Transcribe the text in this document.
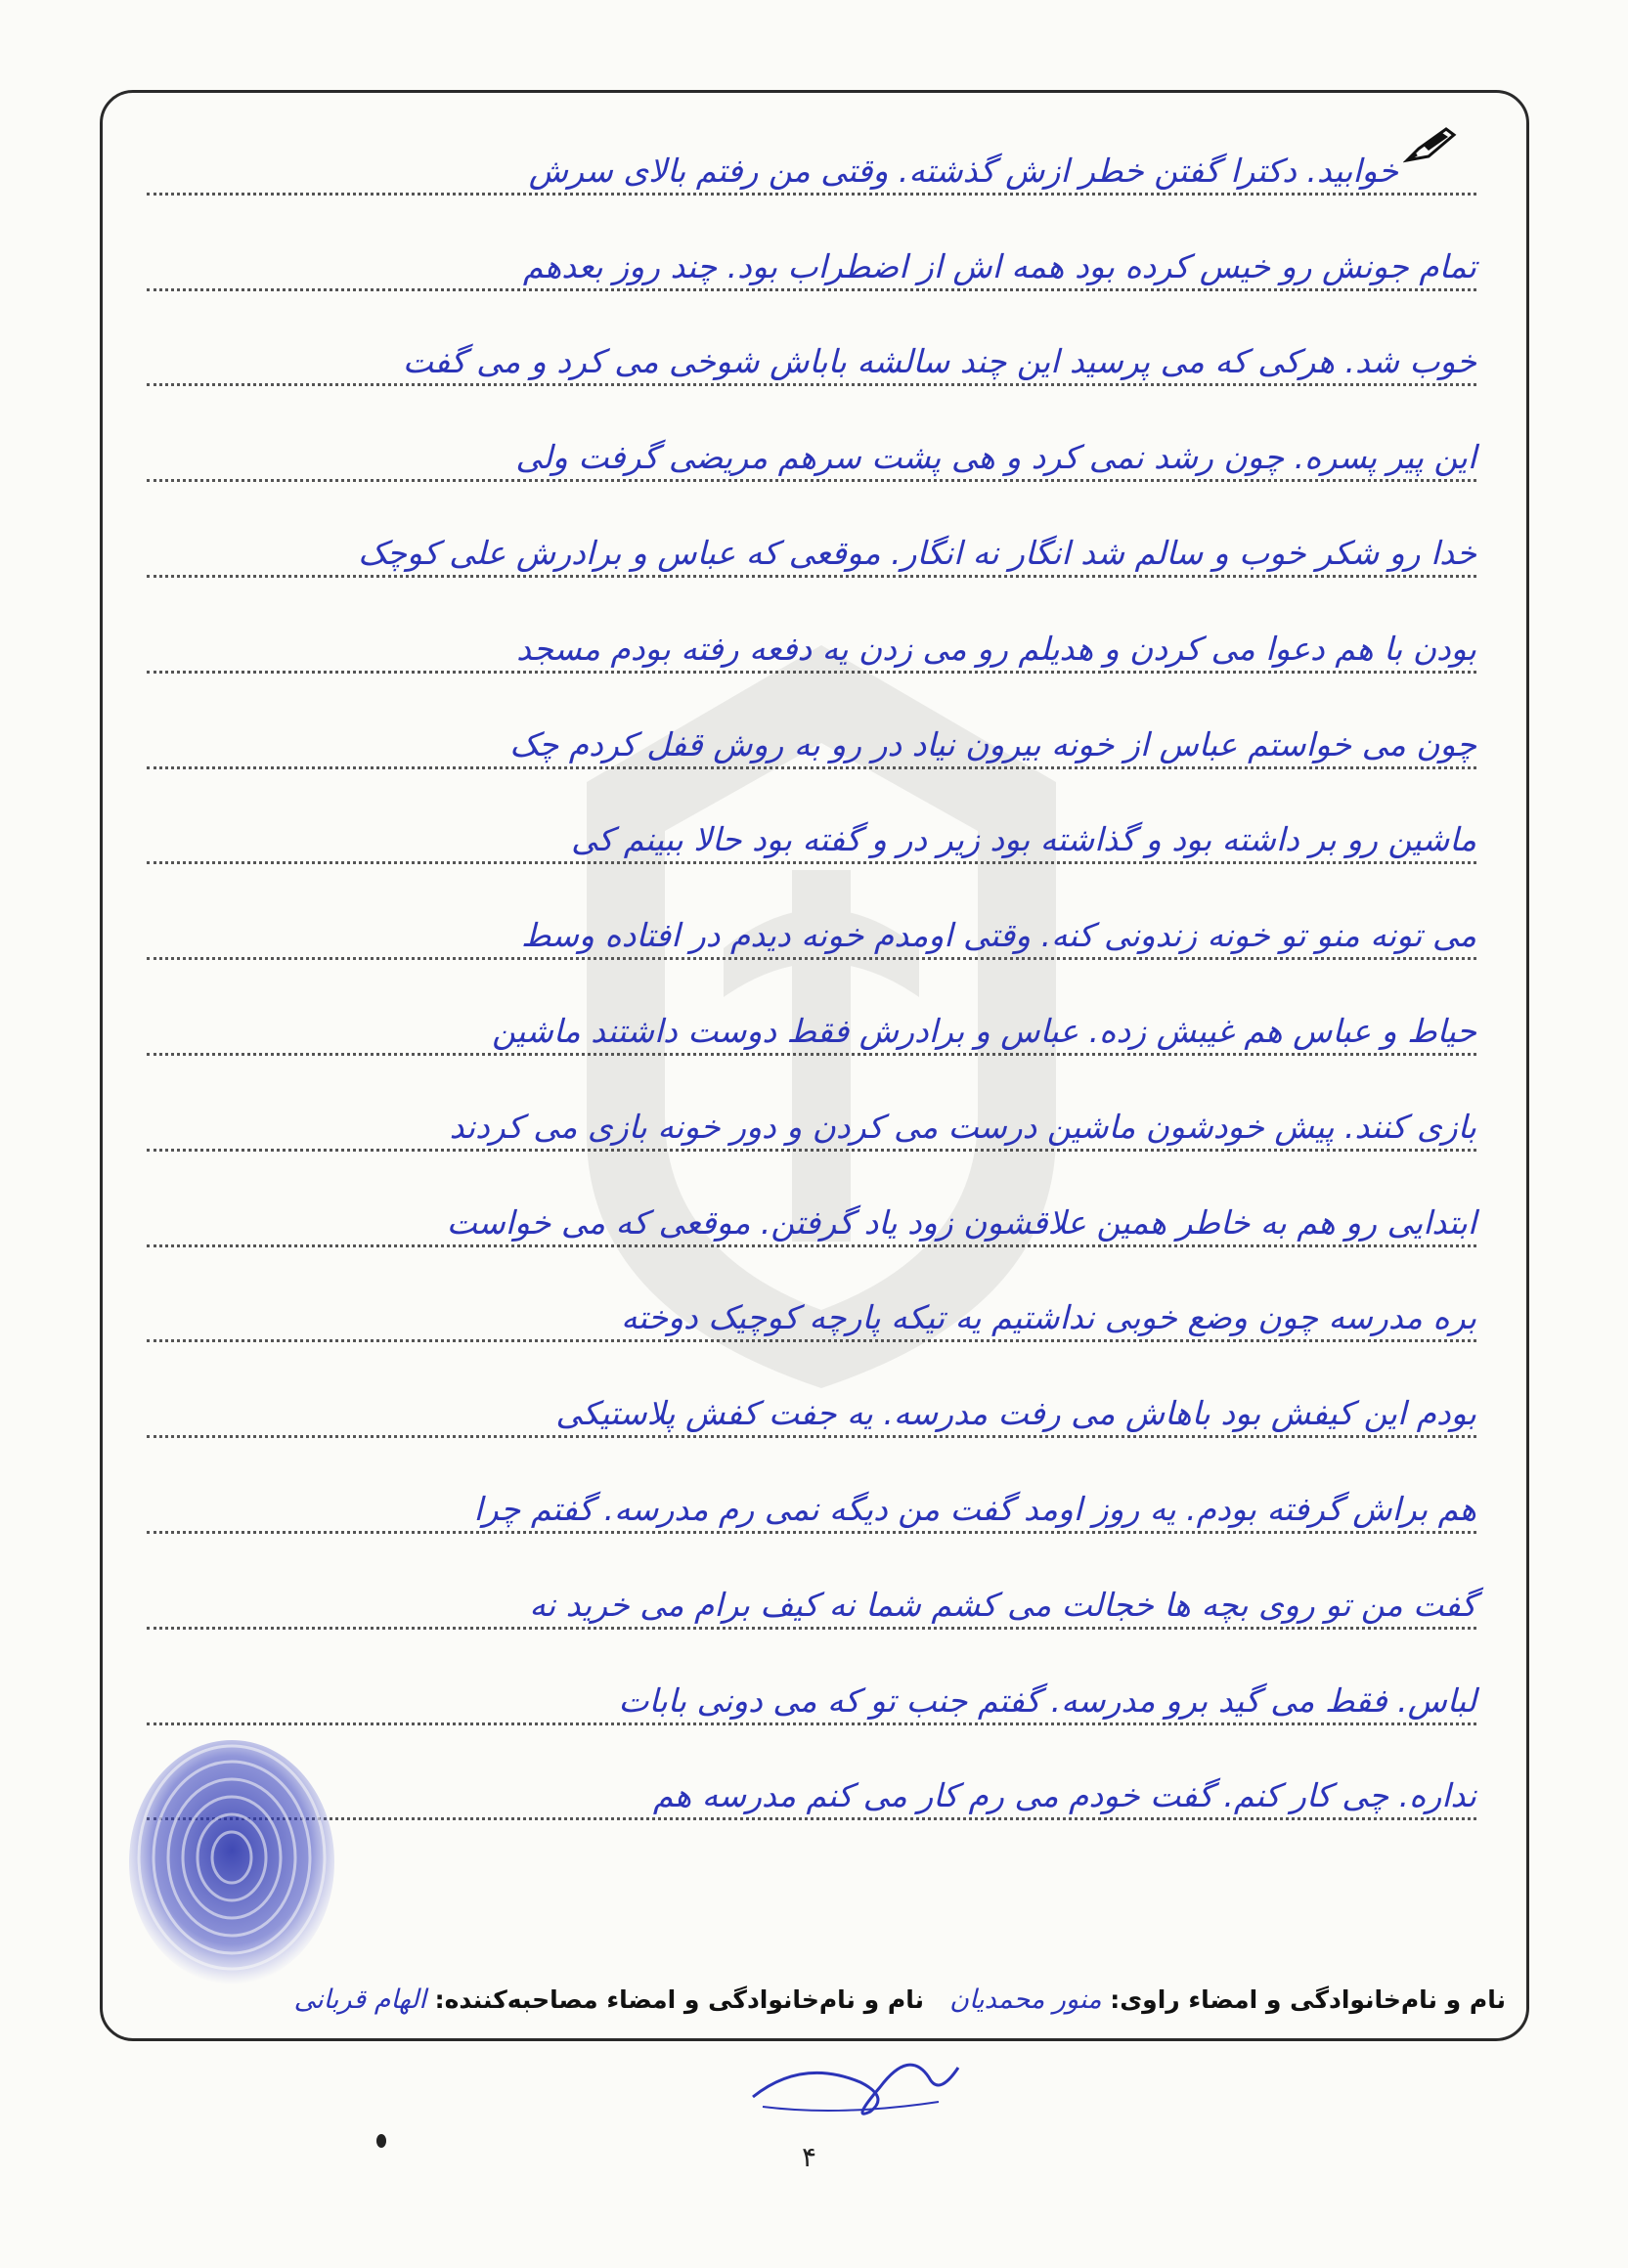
خوابید. دکترا گفتن خطر ازش گذشته. وقتی من رفتم بالای سرش
تمام جونش رو خیس کرده بود همه اش از اضطراب بود. چند روز بعدهم
خوب شد. هرکی که می پرسید این چند سالشه باباش شوخی می کرد و می گفت
این پیر پسره. چون رشد نمی کرد و هی پشت سرهم مریضی گرفت ولی
خدا رو شکر خوب و سالم شد انگار نه انگار. موقعی که عباس و برادرش علی کوچک
بودن با هم دعوا می کردن و هدیلم رو می زدن یه دفعه رفته بودم مسجد
چون می خواستم عباس از خونه بیرون نیاد در رو به روش قفل کردم چک
ماشین رو بر داشته بود و گذاشته بود زیر در و گفته بود حالا ببینم کی
می تونه منو تو خونه زندونی کنه. وقتی اومدم خونه دیدم در افتاده وسط
حیاط و عباس هم غیبش زده. عباس و برادرش فقط دوست داشتند ماشین
بازی کنند. پیش خودشون ماشین درست می کردن و دور خونه بازی می کردند
ابتدایی رو هم به خاطر همین علاقشون زود یاد گرفتن. موقعی که می خواست
بره مدرسه چون وضع خوبی نداشتیم یه تیکه پارچه کوچیک دوخته
بودم این کیفش بود باهاش می رفت مدرسه. یه جفت کفش پلاستیکی
هم براش گرفته بودم. یه روز اومد گفت من دیگه نمی رم مدرسه. گفتم چرا
گفت من تو روی بچه ها خجالت می کشم شما نه کیف برام می خرید نه
لباس. فقط می گید برو مدرسه. گفتم جنب تو که می دونی بابات
نداره. چی کار کنم. گفت خودم می رم کار می کنم مدرسه هم
نام و نام‌خانوادگی و امضاء راوی: منور محمدیان   نام و نام‌خانوادگی و امضاء مصاحبه‌کننده: الهام قربانی
۴
